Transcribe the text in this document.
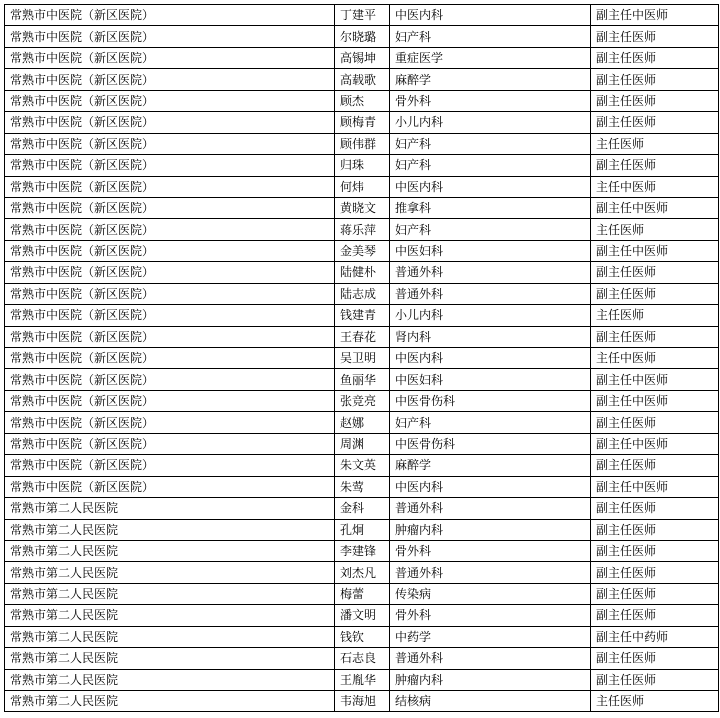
常熟市中医院（新区医院）	丁建平	中医内科	副主任中医师
常熟市中医院（新区医院）	尔晓璐	妇产科	副主任医师
常熟市中医院（新区医院）	高锡坤	重症医学	副主任医师
常熟市中医院（新区医院）	高载歌	麻醉学	副主任医师
常熟市中医院（新区医院）	顾杰	骨外科	副主任医师
常熟市中医院（新区医院）	顾梅青	小儿内科	副主任医师
常熟市中医院（新区医院）	顾伟群	妇产科	主任医师
常熟市中医院（新区医院）	归珠	妇产科	副主任医师
常熟市中医院（新区医院）	何炜	中医内科	主任中医师
常熟市中医院（新区医院）	黄晓文	推拿科	副主任中医师
常熟市中医院（新区医院）	蒋乐萍	妇产科	主任医师
常熟市中医院（新区医院）	金美琴	中医妇科	副主任中医师
常熟市中医院（新区医院）	陆健朴	普通外科	副主任医师
常熟市中医院（新区医院）	陆志成	普通外科	副主任医师
常熟市中医院（新区医院）	钱建青	小儿内科	主任医师
常熟市中医院（新区医院）	王春花	肾内科	副主任医师
常熟市中医院（新区医院）	吴卫明	中医内科	主任中医师
常熟市中医院（新区医院）	鱼丽华	中医妇科	副主任中医师
常熟市中医院（新区医院）	张竞亮	中医骨伤科	副主任中医师
常熟市中医院（新区医院）	赵娜	妇产科	副主任医师
常熟市中医院（新区医院）	周渊	中医骨伤科	副主任中医师
常熟市中医院（新区医院）	朱文英	麻醉学	副主任医师
常熟市中医院（新区医院）	朱莺	中医内科	副主任中医师
常熟市第二人民医院	金科	普通外科	副主任医师
常熟市第二人民医院	孔炯	肿瘤内科	副主任医师
常熟市第二人民医院	李建锋	骨外科	副主任医师
常熟市第二人民医院	刘杰凡	普通外科	副主任医师
常熟市第二人民医院	梅蕾	传染病	副主任医师
常熟市第二人民医院	潘文明	骨外科	副主任医师
常熟市第二人民医院	钱钦	中药学	副主任中药师
常熟市第二人民医院	石志良	普通外科	副主任医师
常熟市第二人民医院	王胤华	肿瘤内科	副主任医师
常熟市第二人民医院	韦海旭	结核病	主任医师
